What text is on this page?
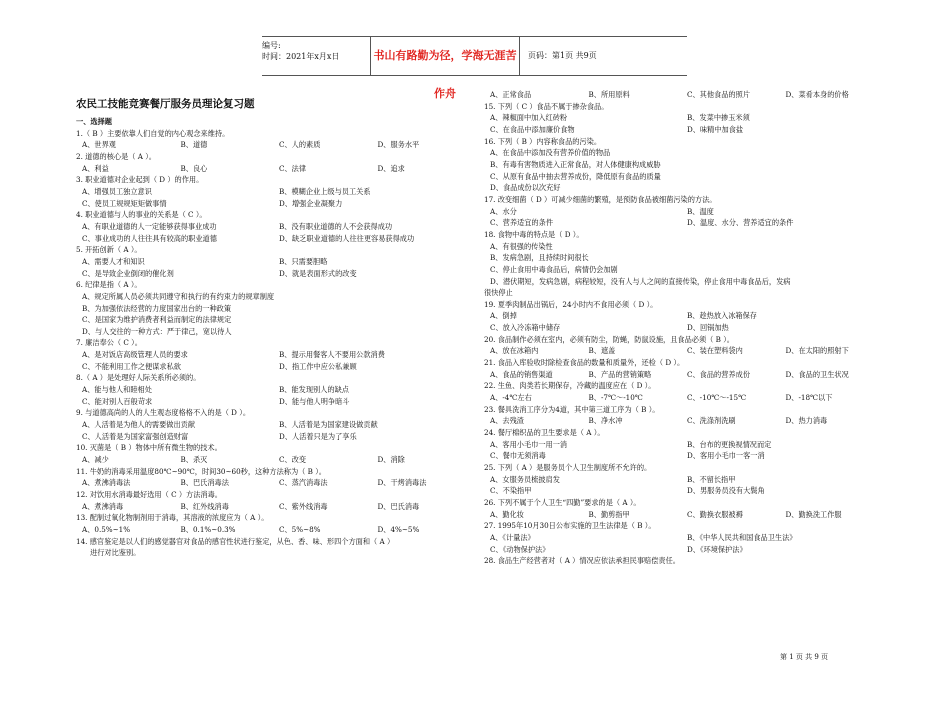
编号:
时间：2021年x月x日	书山有路勤为径，学海无涯苦作舟
页码：第1页 共9页
农民工技能竞赛餐厅服务员理论复习题
一、选择题
1.（ B ）主要依靠人们自觉的内心观念来维持。
A、世界观	B、道德	C、人的素质	D、服务水平
2. 道德的核心是（ A ）。
A、利益	B、良心	C、法律	D、追求
3. 职业道德对企业起到（ D ）的作用。
A、增强员工独立意识	B、模糊企业上级与员工关系
C、使员工规规矩矩做事情	D、增强企业凝聚力
4. 职业道德与人的事业的关系是（ C ）。
A、有职业道德的人一定能够获得事业成功	B、没有职业道德的人不会获得成功
C、事业成功的人往往具有较高的职业道德	D、缺乏职业道德的人往往更容易获得成功
5. 开拓创新（ A ）。
A、需要人才和知识	B、只需要胆略
C、是导致企业倒闭的催化剂	D、就是表面形式的改变
6. 纪律是指（ A ）。
A、规定所属人员必须共同遵守和执行的有约束力的规章制度
B、为加强依法经营的力度国家出台的一种政策
C、是国家为维护消费者利益而制定的法律规定
D、与人交往的一种方式：严于律己，宽以待人
7. 廉洁奉公（ C ）。
A、是对饭店高级管理人员的要求	B、提示用餐客人不要用公款消费
C、不能利用工作之便谋求私欲	D、指工作中应公私兼顾
8.（ A ）是处理好人际关系所必须的。
A、能与他人和睦相处	B、能发现别人的缺点
C、能对别人百般苛求	D、能与他人明争暗斗
9. 与道德高尚的人的人生观态度格格不入的是（ D ）。
A、人活着是为他人的需要做出贡献	B、人活着是为国家建设做贡献
C、人活着是为国家富强创造财富	D、人活着只是为了享乐
10. 灭菌是（ B ）物体中所有微生物的技术。
A、减少	B、杀灭	C、改变	D、消除
11. 牛奶的消毒采用温度80℃~90℃，时间30~60秒，这种方法称为（ B ）。
A、煮沸消毒法	B、巴氏消毒法	C、蒸汽消毒法	D、干烤消毒法
12. 对饮用水消毒最好选用（ C ）方法消毒。
A、煮沸消毒	B、红外线消毒	C、紫外线消毒	D、巴氏消毒
13. 配制过氧化物制剂用于消毒，其溶液的浓度应为（ A ）。
A、0.5%~1%	B、0.1%~0.3%	C、5%~8%	D、4%~5%
14. 感官鉴定是以人们的感觉器官对食品的感官性状进行鉴定，从色、香、味、形四个方面和（ A ）
进行对比鉴别。
A、正常食品	B、所用原料	C、其他食品的照片	D、菜肴本身的价格
15. 下列（ C ）食品不属于掺杂食品。
A、辣椒面中加入红砖粉	B、发菜中掺玉米须
C、在食品中添加廉价食物	D、味精中加食盐
16. 下列（ B ）内容称食品的污染。
A、在食品中添加没有营养价值的物品
B、有毒有害物质进入正常食品，对人体健康构成威胁
C、从原有食品中抽去营养成份，降低原有食品的质量
D、食品成份以次充好
17. 改变细菌（ D ）可减少细菌的繁殖，是预防食品被细菌污染的方法。
A、水分	B、温度
C、营养适宜的条件	D、温度、水分、营养适宜的条件
18. 食物中毒的特点是（ D ）。
A、有很强的传染性
B、发病急剧，且持续时间很长
C、停止食用中毒食品后，病情仍会加剧
D、潜伏期短，发病急剧，病程较短，没有人与人之间的直接传染，停止食用中毒食品后，发病
很快停止
19. 夏季肉制品出锅后，24小时内不食用必须（ D ）。
A、倒掉	B、趁热放入冰箱保存
C、放入冷冻箱中储存	D、回锅加热
20. 食品制作必须在室内，必须有防尘，防蝇，防鼠设施，且食品必须（ B ）。
A、放在冰箱内	B、遮盖	C、装在塑料袋内	D、在太阳的照射下
21. 食品入库验收时除检查食品的数量和质量外，还检（ D ）。
A、食品的销售渠道	B、产品的营销策略	C、食品的营养成份	D、食品的卫生状况
22. 生鱼、肉类若长期保存，冷藏的温度应在（ D ）。
A、-4℃左右	B、-7℃～-10℃	C、-10℃～-15℃	D、-18℃以下
23. 餐具洗消工序分为4道，其中第三道工序为（ B ）。
A、去残渣	B、净水冲	C、洗涤剂洗刷	D、热力消毒
24. 餐厅棉织品的卫生要求是（ A ）。
A、客用小毛巾一用一消	B、台布的更换视情况而定
C、餐巾无须消毒	D、客用小毛巾一客一消
25. 下列（ A ）是服务员个人卫生制度所不允许的。
A、女服务员梳披肩发	B、不留长指甲
C、不染指甲	D、男服务员没有大鬓角
26. 下列不属于个人卫生“四勤”要求的是（ A ）。
A、勤化妆	B、勤剪指甲	C、勤换衣服被褥	D、勤换洗工作服
27. 1995年10月30日公布实施的卫生法律是（ B ）。
A、《计量法》	B、《中华人民共和国食品卫生法》
C、《动物保护法》	D、《环境保护法》
28. 食品生产经营者对（ A ）情况应依法承担民事赔偿责任。
第 1 页 共 9 页
